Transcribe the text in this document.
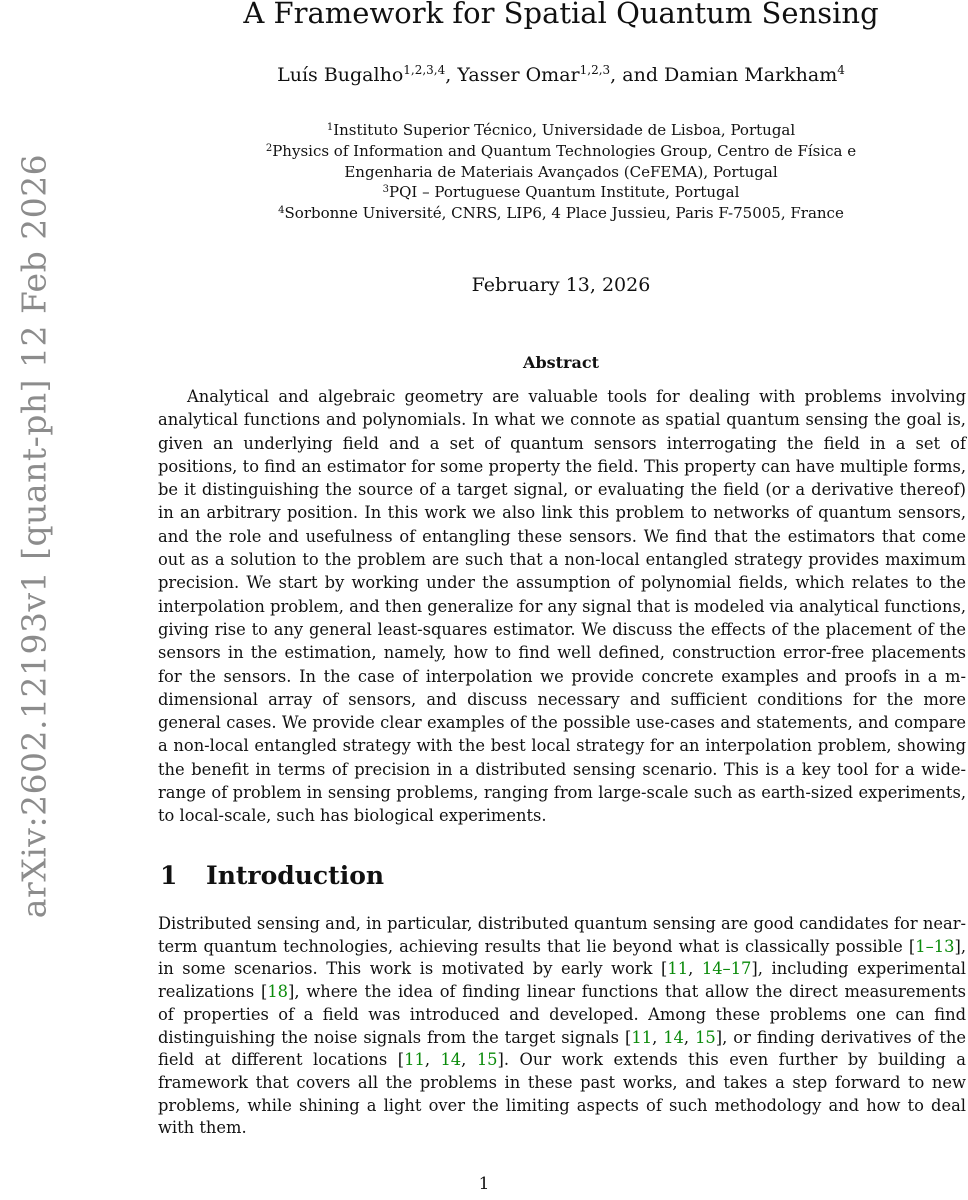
arXiv:2602.12193v1 [quant-ph] 12 Feb 2026
A Framework for Spatial Quantum Sensing
Luís Bugalho$^{1,2,3,4}$, Yasser Omar$^{1,2,3}$, and Damian Markham$^4$
$^1$Instituto Superior Técnico, Universidade de Lisboa, Portugal
$^2$Physics of Information and Quantum Technologies Group, Centro de Física e Engenharia de Materiais Avançados (CeFEMA), Portugal
$^3$PQI – Portuguese Quantum Institute, Portugal
$^4$Sorbonne Université, CNRS, LIP6, 4 Place Jussieu, Paris F-75005, France
February 13, 2026
Abstract

Analytical and algebraic geometry are valuable tools for dealing with problems involving analytical functions and polynomials. In what we connote as spatial quantum sensing the goal is, given an underlying field and a set of quantum sensors interrogating the field in a set of positions, to find an estimator for some property the field. This property can have multiple forms, be it distinguishing the source of a target signal, or evaluating the field (or a derivative thereof) in an arbitrary position. In this work we also link this problem to networks of quantum sensors, and the role and usefulness of entangling these sensors. We find that the estimators that come out as a solution to the problem are such that a non-local entangled strategy provides maximum precision. We start by working under the assumption of polynomial fields, which relates to the interpolation problem, and then generalize for any signal that is modeled via analytical functions, giving rise to any general least-squares estimator. We discuss the effects of the placement of the sensors in the estimation, namely, how to find well defined, construction error-free placements for the sensors. In the case of interpolation we provide concrete examples and proofs in a m-dimensional array of sensors, and discuss necessary and sufficient conditions for the more general cases. We provide clear examples of the possible use-cases and statements, and compare a non-local entangled strategy with the best local strategy for an interpolation problem, showing the benefit in terms of precision in a distributed sensing scenario. This is a key tool for a wide-range of problem in sensing problems, ranging from large-scale such as earth-sized experiments, to local-scale, such has biological experiments.

1 Introduction

Distributed sensing and, in particular, distributed quantum sensing are good candidates for near-term quantum technologies, achieving results that lie beyond what is classically possible [1–13], in some scenarios. This work is motivated by early work [11, 14–17], including experimental realizations [18], where the idea of finding linear functions that allow the direct measurements of properties of a field was introduced and developed. Among these problems one can find distinguishing the noise signals from the target signals [11, 14, 15], or finding derivatives of the field at different locations [11, 14, 15]. Our work extends this even further by building a framework that covers all the problems in these past works, and takes a step forward to new problems, while shining a light over the limiting aspects of such methodology and how to deal with them.

1
